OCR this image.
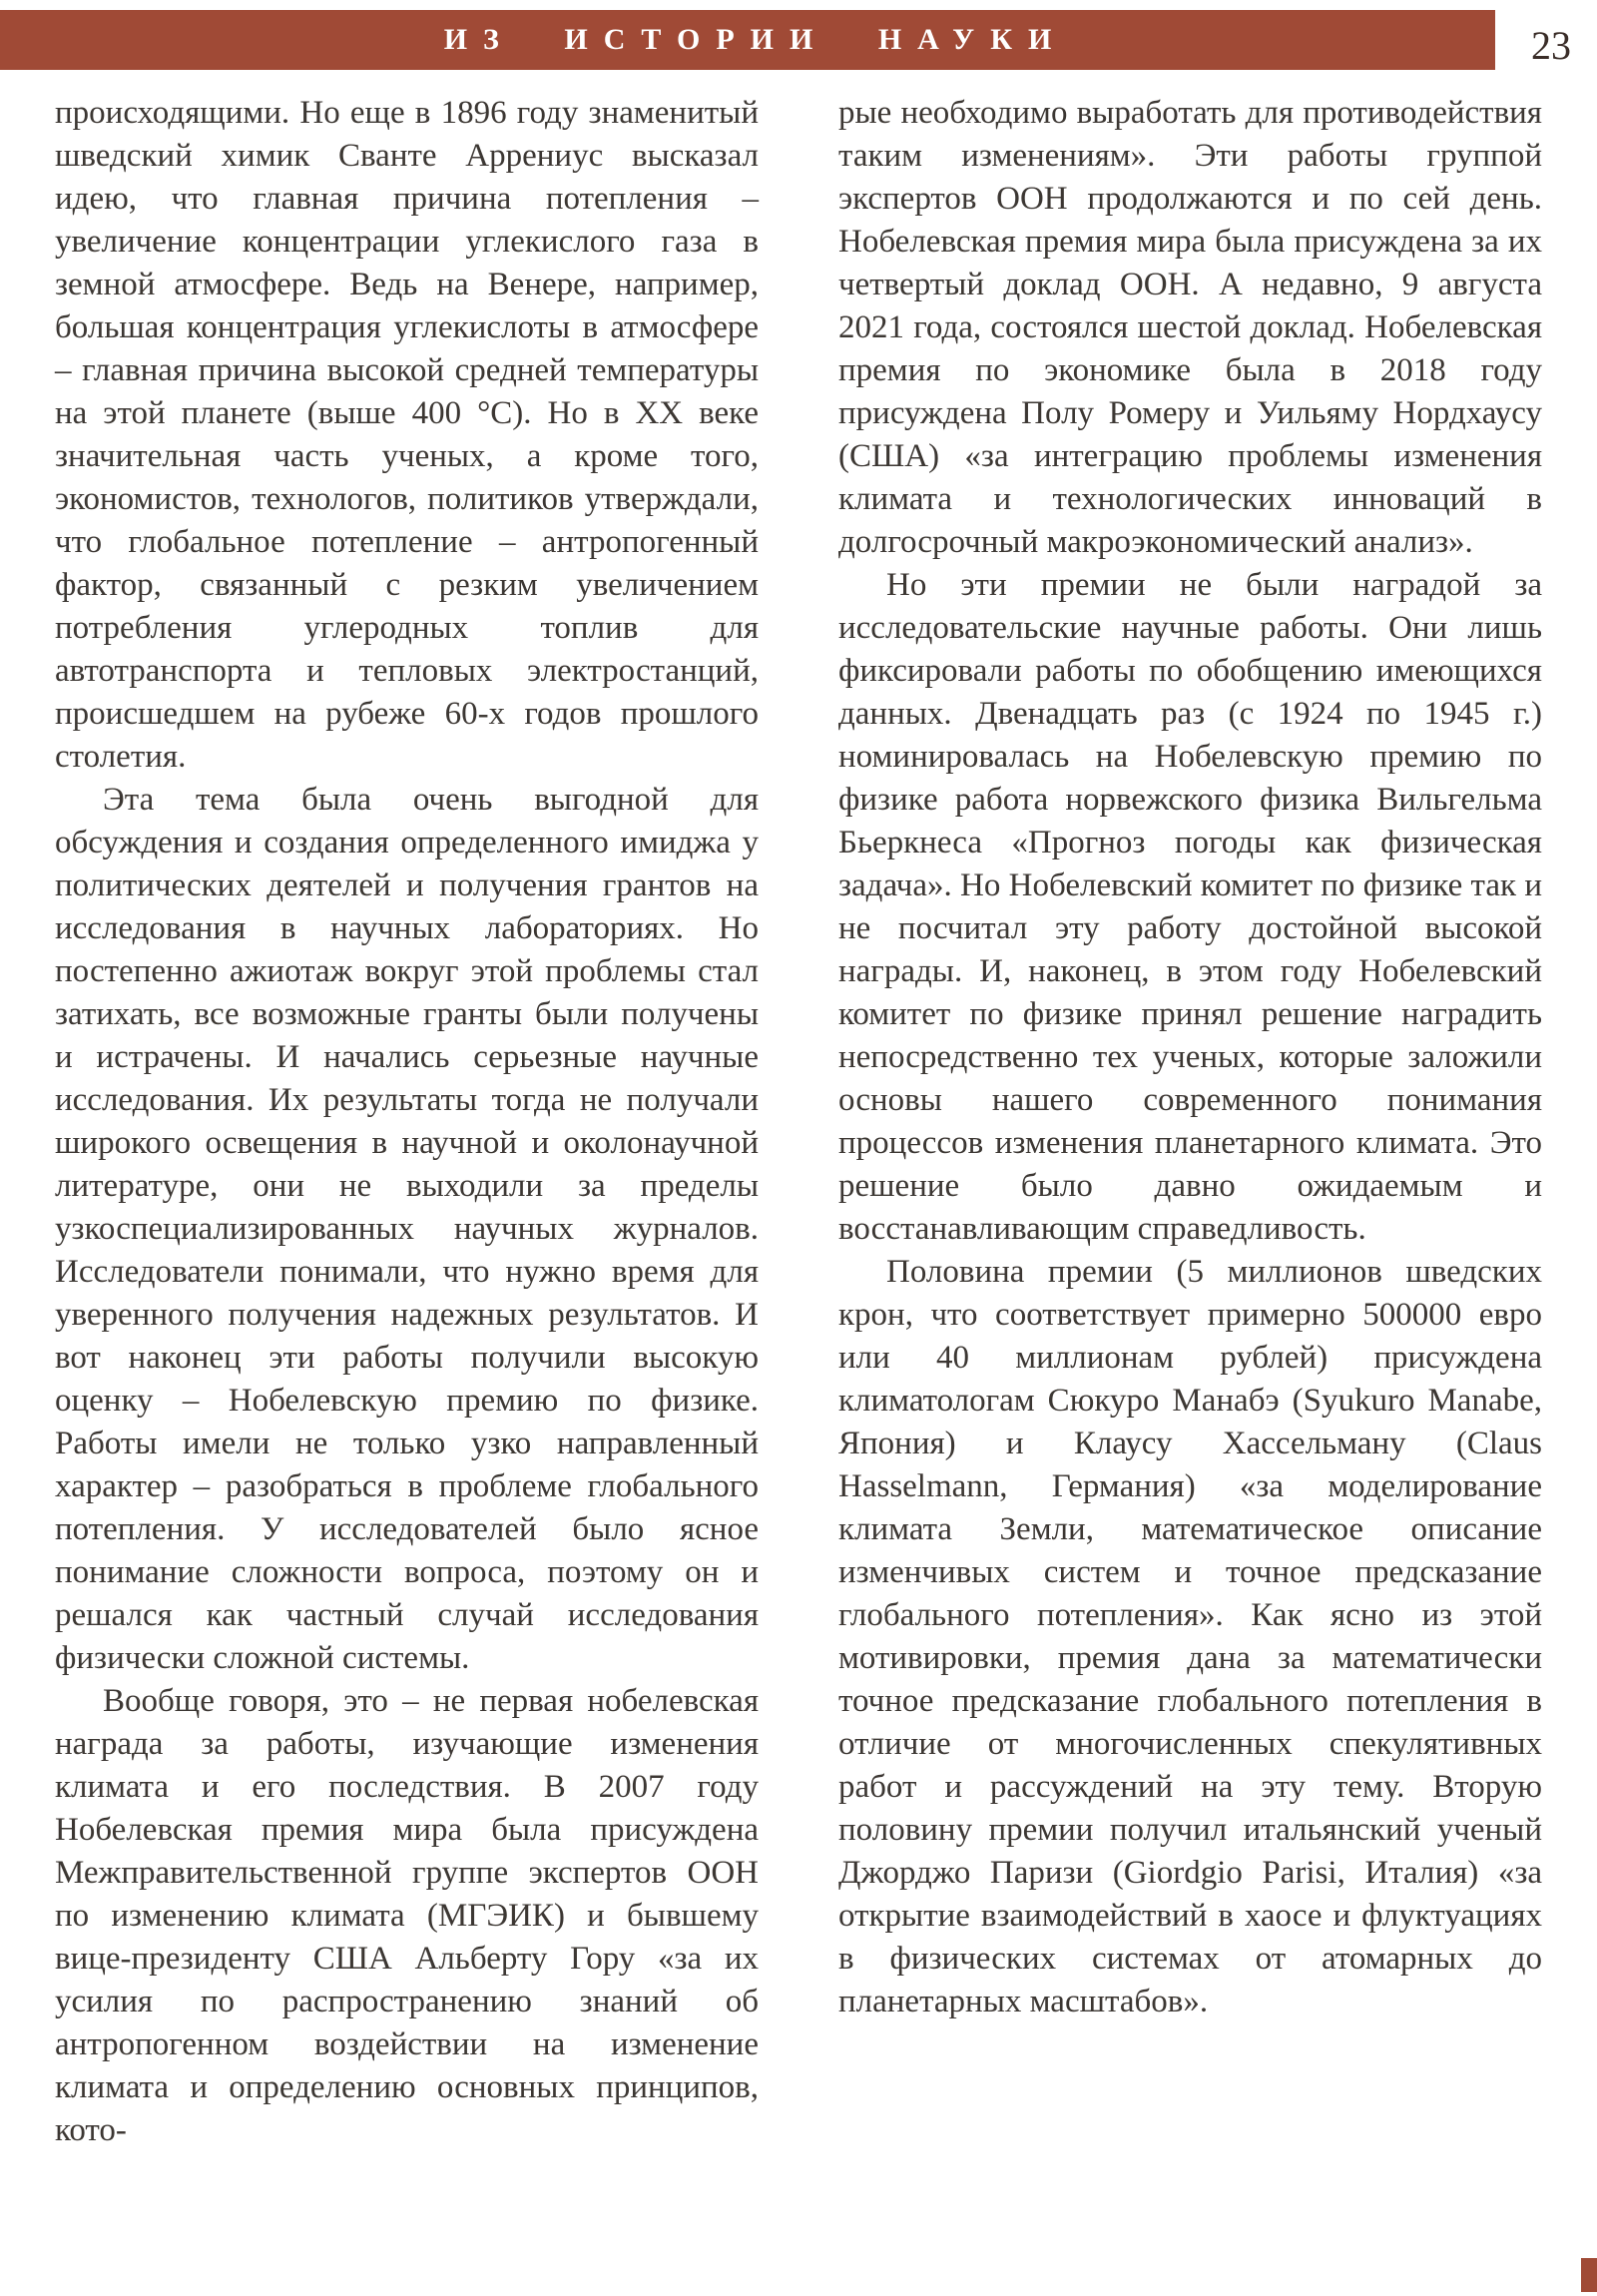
ИЗ ИСТОРИИ НАУКИ	23

происходящими. Но еще в 1896 году знаменитый шведский химик Сванте Аррениус высказал идею, что главная причина потепления – увеличение концентрации углекислого газа в земной атмосфере. Ведь на Венере, например, большая концентрация углекислоты в атмосфере – главная причина высокой средней температуры на этой планете (выше 400 °С). Но в ХХ веке значительная часть ученых, а кроме того, экономистов, технологов, политиков утверждали, что глобальное потепление – антропогенный фактор, связанный с резким увеличением потребления углеродных топлив для автотранспорта и тепловых электростанций, происшедшем на рубеже 60-х годов прошлого столетия.

Эта тема была очень выгодной для обсуждения и создания определенного имиджа у политических деятелей и получения грантов на исследования в научных лабораториях. Но постепенно ажиотаж вокруг этой проблемы стал затихать, все возможные гранты были получены и истрачены. И начались серьезные научные исследования. Их результаты тогда не получали широкого освещения в научной и околонаучной литературе, они не выходили за пределы узкоспециализированных научных журналов. Исследователи понимали, что нужно время для уверенного получения надежных результатов. И вот наконец эти работы получили высокую оценку – Нобелевскую премию по физике. Работы имели не только узко направленный характер – разобраться в проблеме глобального потепления. У исследователей было ясное понимание сложности вопроса, поэтому он и решался как частный случай исследования физически сложной системы.

Вообще говоря, это – не первая нобелевская награда за работы, изучающие изменения климата и его последствия. В 2007 году Нобелевская премия мира была присуждена Межправительственной группе экспертов ООН по изменению климата (МГЭИК) и бывшему вице-президенту США Альберту Гору «за их усилия по распространению знаний об антропогенном воздействии на изменение климата и определению основных принципов, кото-

рые необходимо выработать для противодействия таким изменениям». Эти работы группой экспертов ООН продолжаются и по сей день. Нобелевская премия мира была присуждена за их четвертый доклад ООН. А недавно, 9 августа 2021 года, состоялся шестой доклад. Нобелевская премия по экономике была в 2018 году присуждена Полу Ромеру и Уильяму Нордхаусу (США) «за интеграцию проблемы изменения климата и технологических инноваций в долгосрочный макроэкономический анализ».

Но эти премии не были наградой за исследовательские научные работы. Они лишь фиксировали работы по обобщению имеющихся данных. Двенадцать раз (с 1924 по 1945 г.) номинировалась на Нобелевскую премию по физике работа норвежского физика Вильгельма Бьеркнеса «Прогноз погоды как физическая задача». Но Нобелевский комитет по физике так и не посчитал эту работу достойной высокой награды. И, наконец, в этом году Нобелевский комитет по физике принял решение наградить непосредственно тех ученых, которые заложили основы нашего современного понимания процессов изменения планетарного климата. Это решение было давно ожидаемым и восстанавливающим справедливость.

Половина премии (5 миллионов шведских крон, что соответствует примерно 500000 евро или 40 миллионам рублей) присуждена климатологам Сюкуро Манабэ (Syukuro Manabe, Япония) и Клаусу Хассельману (Claus Hasselmann, Германия) «за моделирование климата Земли, математическое описание изменчивых систем и точное предсказание глобального потепления». Как ясно из этой мотивировки, премия дана за математически точное предсказание глобального потепления в отличие от многочисленных спекулятивных работ и рассуждений на эту тему. Вторую половину премии получил итальянский ученый Джорджо Паризи (Giordgio Parisi, Италия) «за открытие взаимодействий в хаосе и флуктуациях в физических системах от атомарных до планетарных масштабов».
